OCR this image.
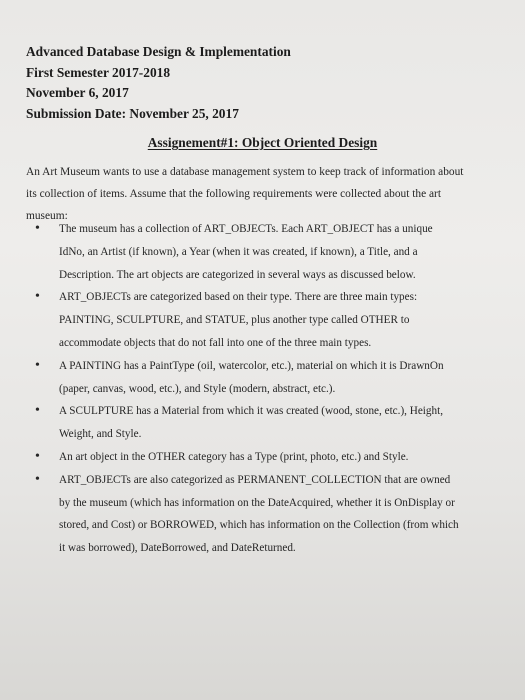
Advanced Database Design & Implementation
First Semester 2017-2018
November 6, 2017
Submission Date: November 25, 2017
Assignement#1: Object Oriented Design
An Art Museum wants to use a database management system to keep track of information about
its collection of items. Assume that the following requirements were collected about the art
museum:
• The museum has a collection of ART_OBJECTs. Each ART_OBJECT has a unique
IdNo, an Artist (if known), a Year (when it was created, if known), a Title, and a
Description. The art objects are categorized in several ways as discussed below.
• ART_OBJECTs are categorized based on their type. There are three main types:
PAINTING, SCULPTURE, and STATUE, plus another type called OTHER to
accommodate objects that do not fall into one of the three main types.
• A PAINTING has a PaintType (oil, watercolor, etc.), material on which it is DrawnOn
(paper, canvas, wood, etc.), and Style (modern, abstract, etc.).
• A SCULPTURE has a Material from which it was created (wood, stone, etc.), Height,
Weight, and Style.
• An art object in the OTHER category has a Type (print, photo, etc.) and Style.
• ART_OBJECTs are also categorized as PERMANENT_COLLECTION that are owned
by the museum (which has information on the DateAcquired, whether it is OnDisplay or
stored, and Cost) or BORROWED, which has information on the Collection (from which
it was borrowed), DateBorrowed, and DateReturned.
